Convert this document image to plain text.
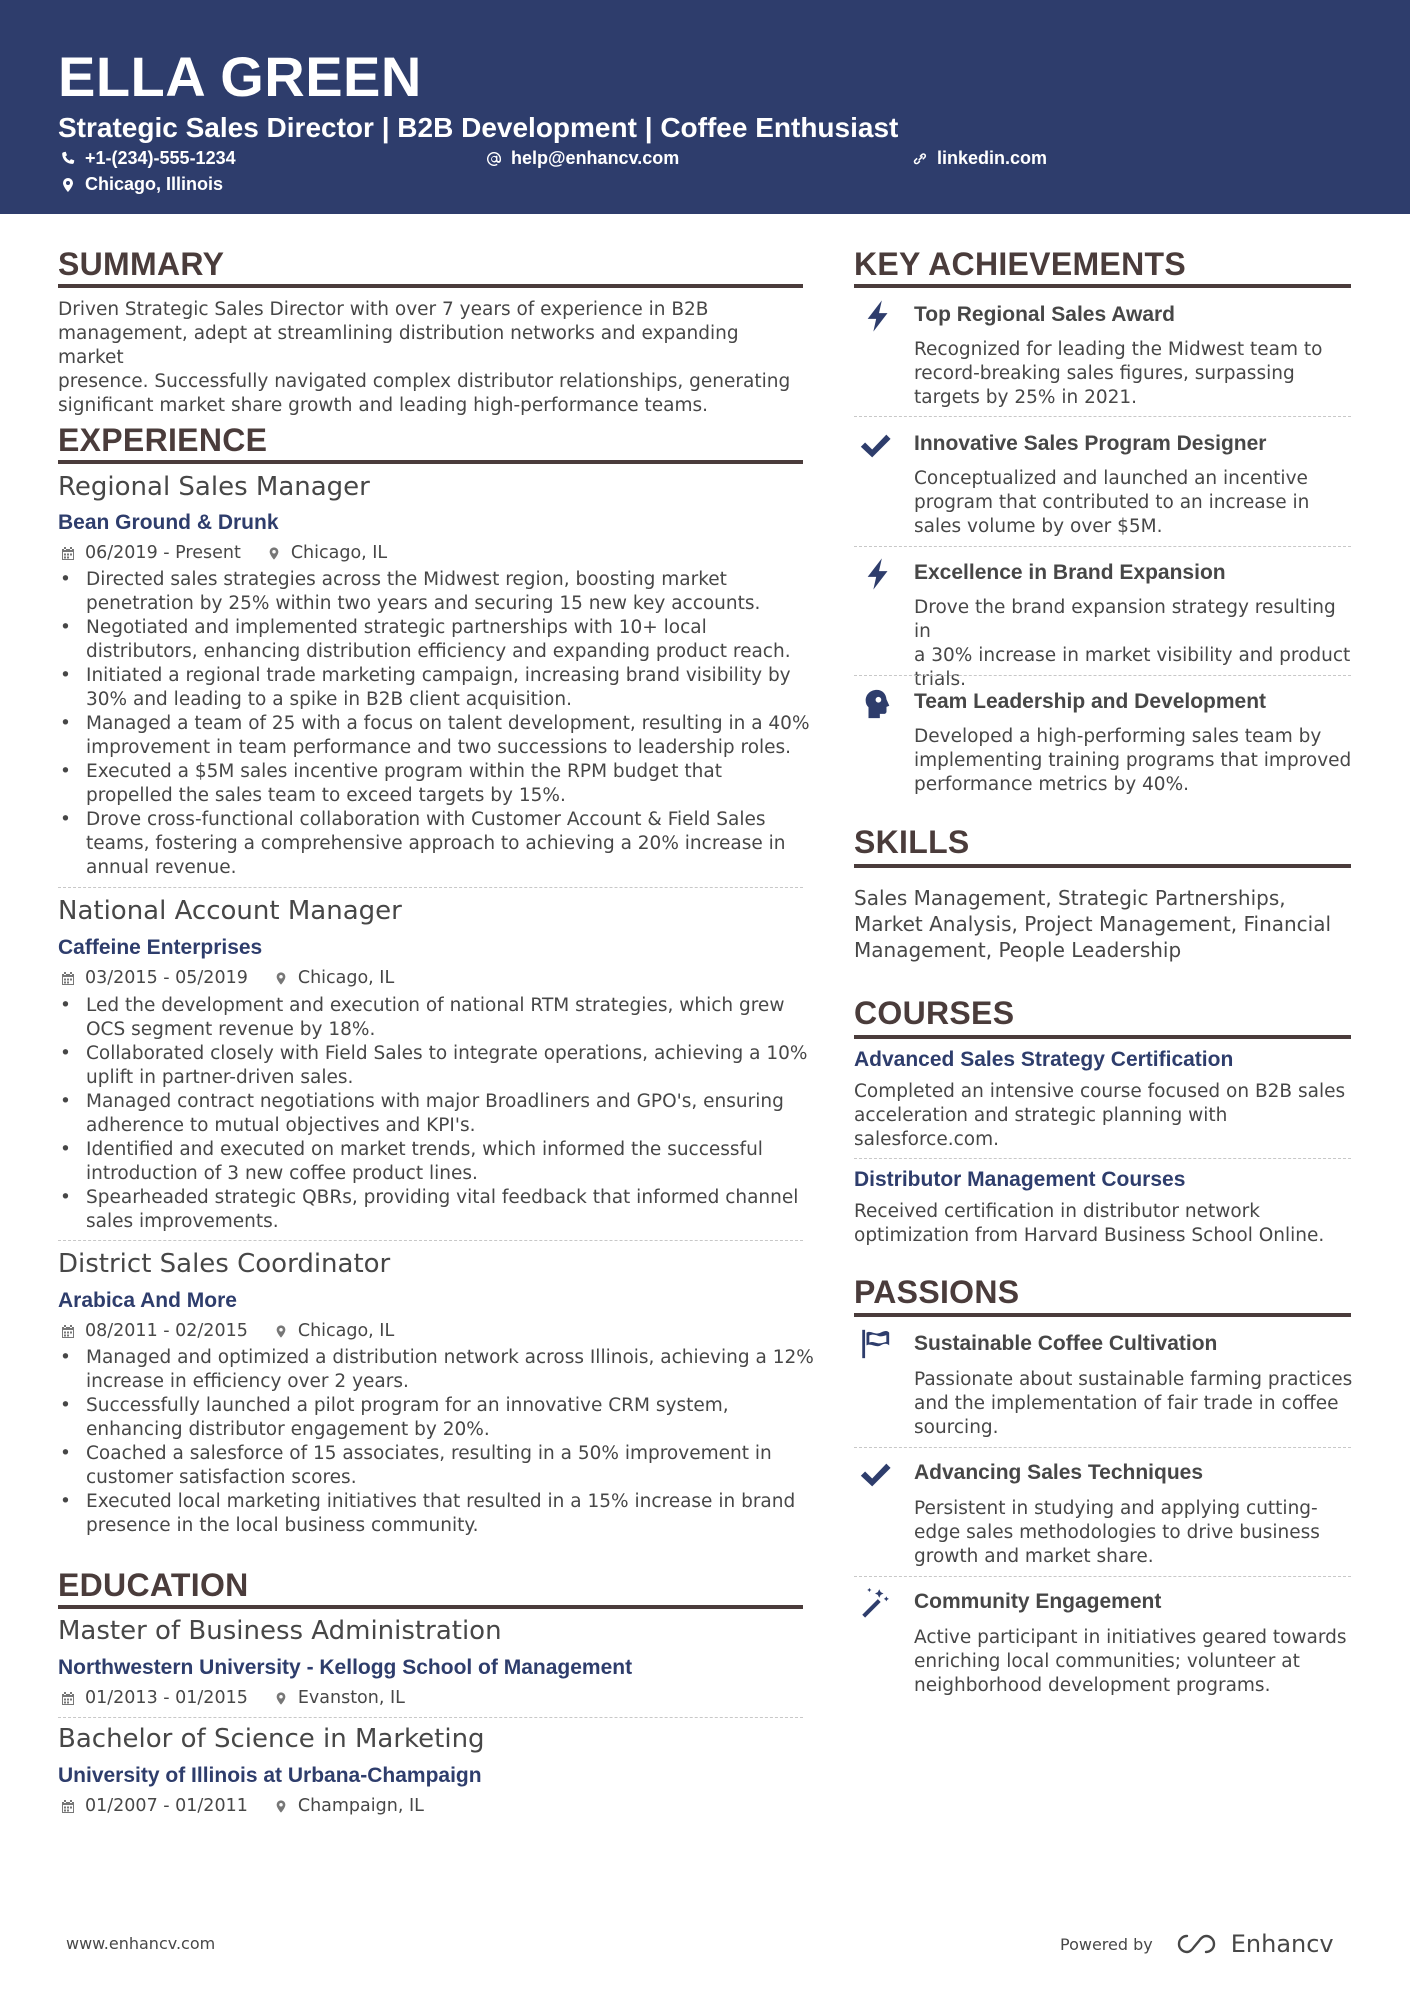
ELLA GREEN
Strategic Sales Director | B2B Development | Coffee Enthusiast
+1-(234)-555-1234	help@enhancv.com	linkedin.com
Chicago, Illinois
SUMMARY
Driven Strategic Sales Director with over 7 years of experience in B2B
management, adept at streamlining distribution networks and expanding market
presence. Successfully navigated complex distributor relationships, generating
significant market share growth and leading high-performance teams.
EXPERIENCE
Regional Sales Manager
Bean Ground & Drunk
06/2019 - Present	Chicago, IL
• Directed sales strategies across the Midwest region, boosting market
penetration by 25% within two years and securing 15 new key accounts.
• Negotiated and implemented strategic partnerships with 10+ local
distributors, enhancing distribution efficiency and expanding product reach.
• Initiated a regional trade marketing campaign, increasing brand visibility by
30% and leading to a spike in B2B client acquisition.
• Managed a team of 25 with a focus on talent development, resulting in a 40%
improvement in team performance and two successions to leadership roles.
• Executed a $5M sales incentive program within the RPM budget that
propelled the sales team to exceed targets by 15%.
• Drove cross-functional collaboration with Customer Account & Field Sales
teams, fostering a comprehensive approach to achieving a 20% increase in
annual revenue.
National Account Manager
Caffeine Enterprises
03/2015 - 05/2019	Chicago, IL
• Led the development and execution of national RTM strategies, which grew
OCS segment revenue by 18%.
• Collaborated closely with Field Sales to integrate operations, achieving a 10%
uplift in partner-driven sales.
• Managed contract negotiations with major Broadliners and GPO's, ensuring
adherence to mutual objectives and KPI's.
• Identified and executed on market trends, which informed the successful
introduction of 3 new coffee product lines.
• Spearheaded strategic QBRs, providing vital feedback that informed channel
sales improvements.
District Sales Coordinator
Arabica And More
08/2011 - 02/2015	Chicago, IL
• Managed and optimized a distribution network across Illinois, achieving a 12%
increase in efficiency over 2 years.
• Successfully launched a pilot program for an innovative CRM system,
enhancing distributor engagement by 20%.
• Coached a salesforce of 15 associates, resulting in a 50% improvement in
customer satisfaction scores.
• Executed local marketing initiatives that resulted in a 15% increase in brand
presence in the local business community.
EDUCATION
Master of Business Administration
Northwestern University - Kellogg School of Management
01/2013 - 01/2015	Evanston, IL
Bachelor of Science in Marketing
University of Illinois at Urbana-Champaign
01/2007 - 01/2011	Champaign, IL
KEY ACHIEVEMENTS
Top Regional Sales Award
Recognized for leading the Midwest team to
record-breaking sales figures, surpassing
targets by 25% in 2021.
Innovative Sales Program Designer
Conceptualized and launched an incentive
program that contributed to an increase in
sales volume by over $5M.
Excellence in Brand Expansion
Drove the brand expansion strategy resulting in
a 30% increase in market visibility and product
trials.
Team Leadership and Development
Developed a high-performing sales team by
implementing training programs that improved
performance metrics by 40%.
SKILLS
Sales Management, Strategic Partnerships,
Market Analysis, Project Management, Financial
Management, People Leadership
COURSES
Advanced Sales Strategy Certification
Completed an intensive course focused on B2B sales
acceleration and strategic planning with
salesforce.com.
Distributor Management Courses
Received certification in distributor network
optimization from Harvard Business School Online.
PASSIONS
Sustainable Coffee Cultivation
Passionate about sustainable farming practices
and the implementation of fair trade in coffee
sourcing.
Advancing Sales Techniques
Persistent in studying and applying cutting-
edge sales methodologies to drive business
growth and market share.
Community Engagement
Active participant in initiatives geared towards
enriching local communities; volunteer at
neighborhood development programs.
www.enhancv.com	Powered by	Enhancv
